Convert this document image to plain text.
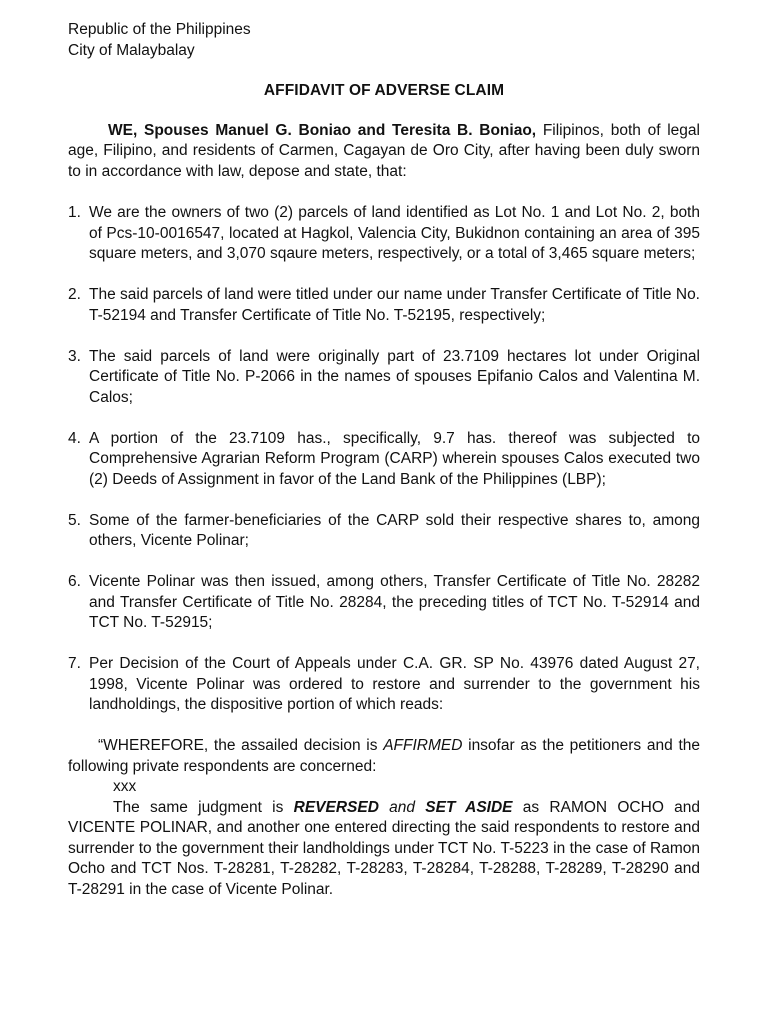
Republic of the Philippines

City of Malaybalay

AFFIDAVIT OF ADVERSE CLAIM

WE, Spouses Manuel G. Boniao and Teresita B. Boniao, Filipinos, both of legal age, Filipino, and residents of Carmen, Cagayan de Oro City, after having been duly sworn to in accordance with law, depose and state, that:

1. We are the owners of two (2) parcels of land identified as Lot No. 1 and Lot No. 2, both of Pcs-10-0016547, located at Hagkol, Valencia City, Bukidnon containing an area of 395 square meters, and 3,070 sqaure meters, respectively, or a total of 3,465 square meters;
2. The said parcels of land were titled under our name under Transfer Certificate of Title No. T-52194 and Transfer Certificate of Title No. T-52195, respectively;
3. The said parcels of land were originally part of 23.7109 hectares lot under Original Certificate of Title No. P-2066 in the names of spouses Epifanio Calos and Valentina M. Calos;
4. A portion of the 23.7109 has., specifically, 9.7 has. thereof was subjected to Comprehensive Agrarian Reform Program (CARP) wherein spouses Calos executed two (2) Deeds of Assignment in favor of the Land Bank of the Philippines (LBP);
5. Some of the farmer-beneficiaries of the CARP sold their respective shares to, among others, Vicente Polinar;
6. Vicente Polinar was then issued, among others, Transfer Certificate of Title No. 28282 and Transfer Certificate of Title No. 28284, the preceding titles of TCT No. T-52914 and TCT No. T-52915;
7. Per Decision of the Court of Appeals under C.A. GR. SP No. 43976 dated August 27, 1998, Vicente Polinar was ordered to restore and surrender to the government his landholdings, the dispositive portion of which reads:

“WHEREFORE, the assailed decision is AFFIRMED insofar as the petitioners and the following private respondents are concerned:

xxx

The same judgment is REVERSED and SET ASIDE as RAMON OCHO and VICENTE POLINAR, and another one entered directing the said respondents to restore and surrender to the government their landholdings under TCT No. T-5223 in the case of Ramon Ocho and TCT Nos. T-28281, T-28282, T-28283, T-28284, T-28288, T-28289, T-28290 and T-28291 in the case of Vicente Polinar.
